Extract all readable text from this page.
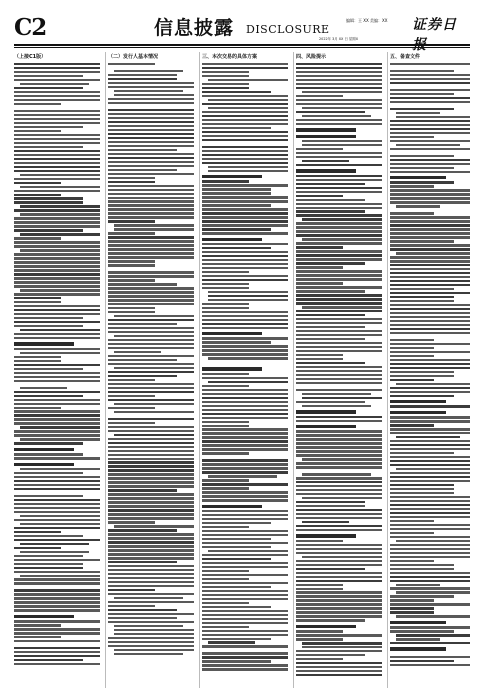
C2	信息披露 DISCLOSURE
编辑：王 XX 美编：XX 证券日
2022年 3月 XX 日 星期X
（上接C1版）	（二）发行人基本情况	三、本次交易的具体方案	四、风险提示	五、备查文件
